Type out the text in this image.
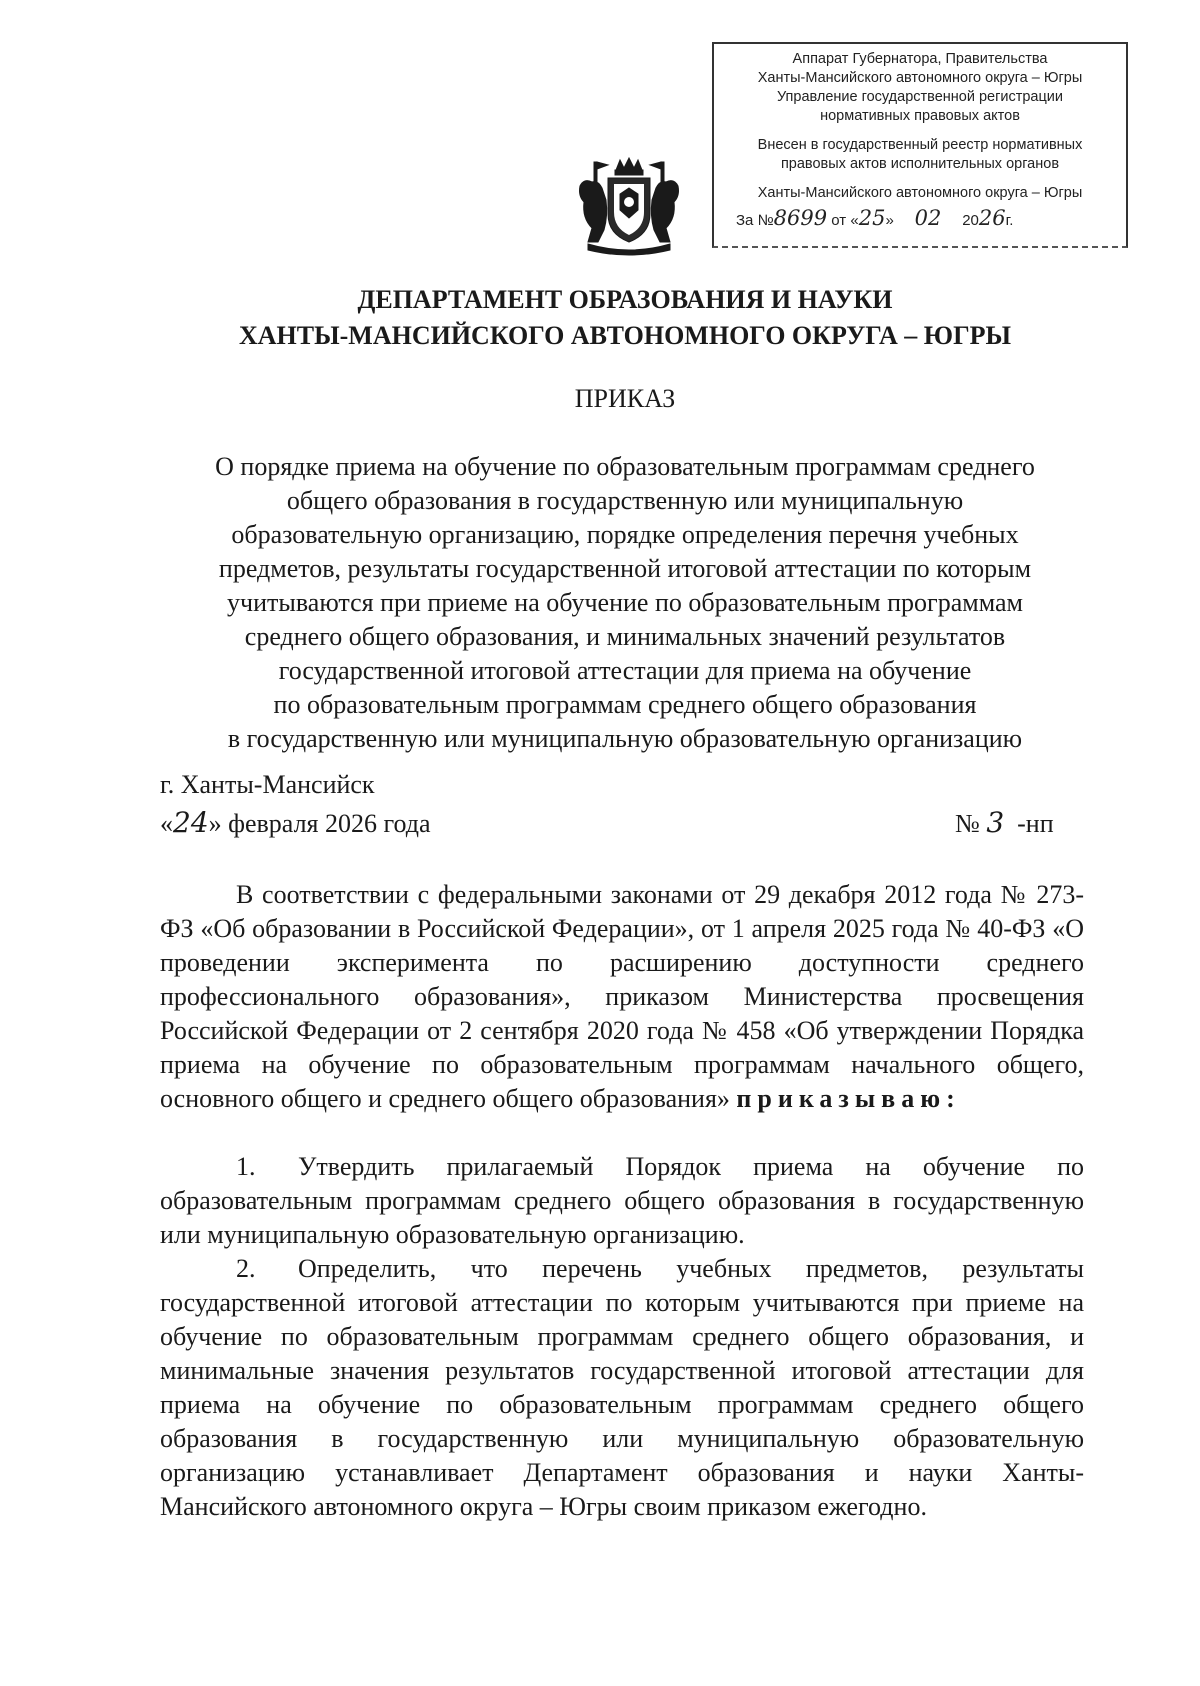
Аппарат Губернатора, Правительства
Ханты-Мансийского автономного округа – Югры
Управление государственной регистрации
нормативных правовых актов
Внесен в государственный реестр нормативных
правовых актов исполнительных органов
Ханты-Мансийского автономного округа – Югры
За №8699 от «25» 02 2026г.
ДЕПАРТАМЕНТ ОБРАЗОВАНИЯ И НАУКИ
ХАНТЫ-МАНСИЙСКОГО АВТОНОМНОГО ОКРУГА – ЮГРЫ
ПРИКАЗ
О порядке приема на обучение по образовательным программам среднего
общего образования в государственную или муниципальную
образовательную организацию, порядке определения перечня учебных
предметов, результаты государственной итоговой аттестации по которым
учитываются при приеме на обучение по образовательным программам
среднего общего образования, и минимальных значений результатов
государственной итоговой аттестации для приема на обучение
по образовательным программам среднего общего образования
в государственную или муниципальную образовательную организацию
г. Ханты-Мансийск
«24» февраля 2026 года	№ 3 -нп
В соответствии с федеральными законами от 29 декабря 2012 года № 273-ФЗ «Об образовании в Российской Федерации», от 1 апреля 2025 года № 40-ФЗ «О проведении эксперимента по расширению доступности среднего профессионального образования», приказом Министерства просвещения Российской Федерации от 2 сентября 2020 года № 458 «Об утверждении Порядка приема на обучение по образовательным программам начального общего, основного общего и среднего общего образования» приказываю:
1. Утвердить прилагаемый Порядок приема на обучение по образовательным программам среднего общего образования в государственную или муниципальную образовательную организацию.
2. Определить, что перечень учебных предметов, результаты государственной итоговой аттестации по которым учитываются при приеме на обучение по образовательным программам среднего общего образования, и минимальные значения результатов государственной итоговой аттестации для приема на обучение по образовательным программам среднего общего образования в государственную или муниципальную образовательную организацию устанавливает Департамент образования и науки Ханты-Мансийского автономного округа – Югры своим приказом ежегодно.
